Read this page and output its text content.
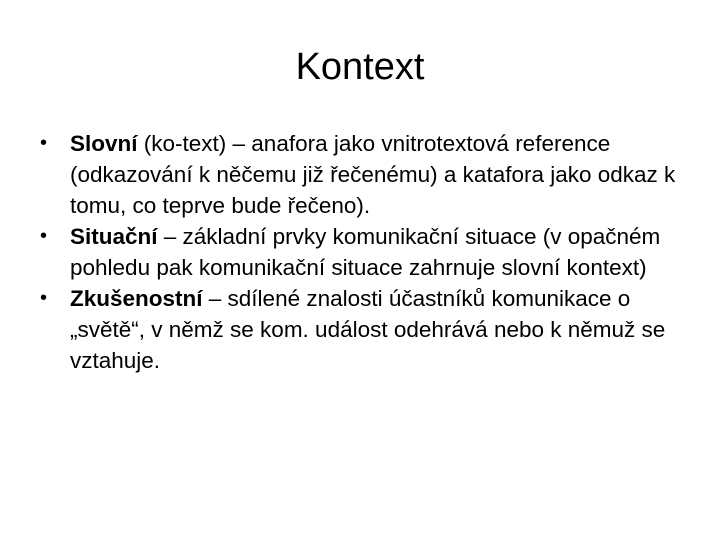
Kontext
• Slovní (ko-text) – anafora jako vnitrotextová reference (odkazování k něčemu již řečenému) a katafora jako odkaz k tomu, co teprve bude řečeno).
• Situační – základní prvky komunikační situace (v opačném pohledu pak komunikační situace zahrnuje slovní kontext)
• Zkušenostní – sdílené znalosti účastníků komunikace o „světě“, v němž se kom. událost odehrává nebo k němuž se vztahuje.
